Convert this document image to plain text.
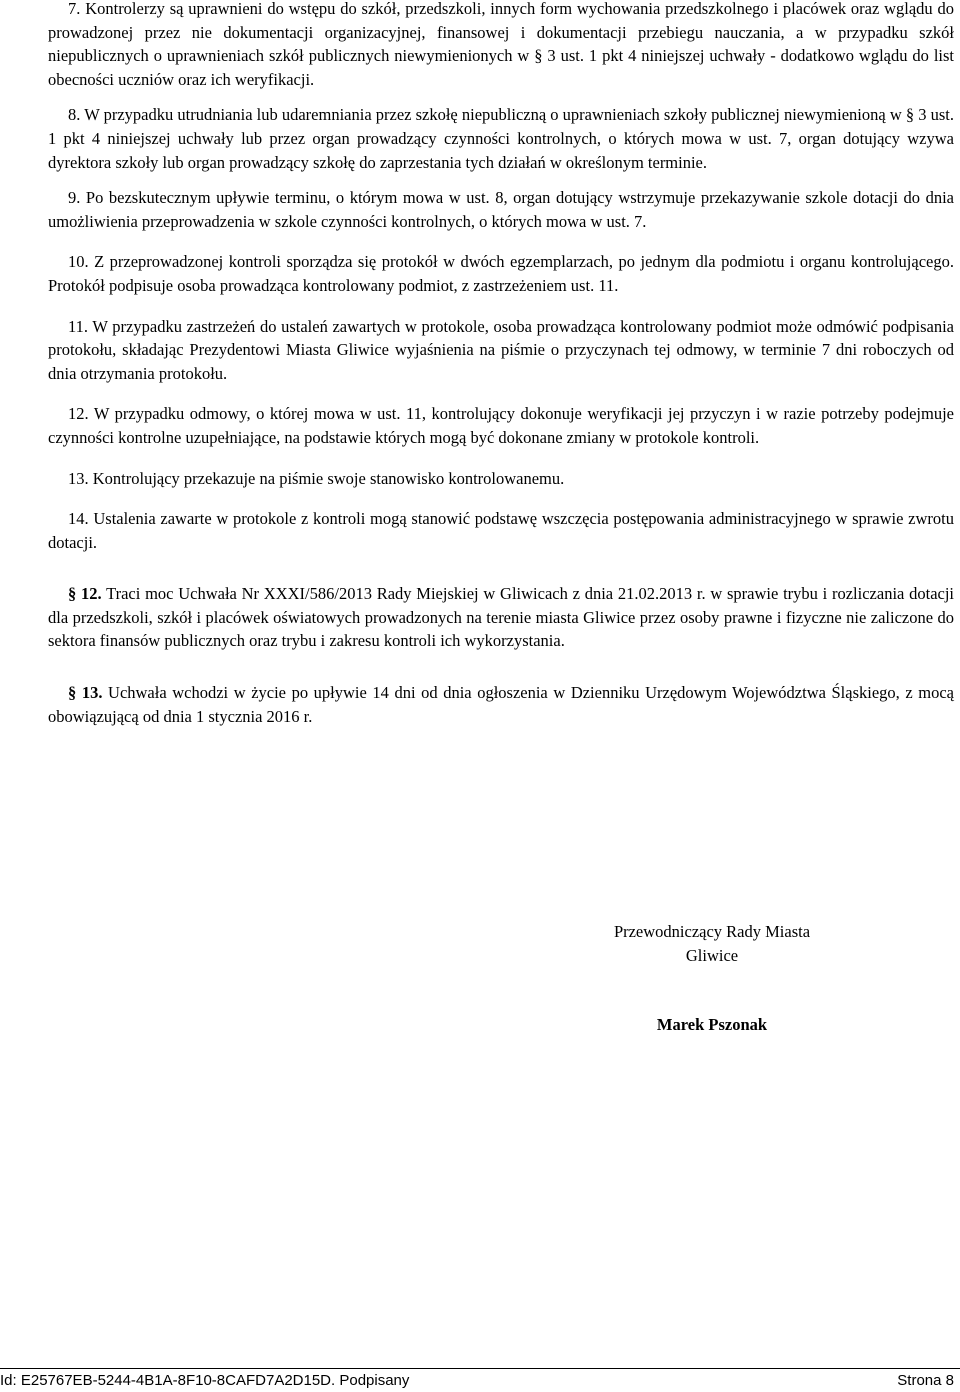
7. Kontrolerzy są uprawnieni do wstępu do szkół, przedszkoli, innych form wychowania przedszkolnego i placówek oraz wglądu do prowadzonej przez nie dokumentacji organizacyjnej, finansowej i dokumentacji przebiegu nauczania, a w przypadku szkół niepublicznych o uprawnieniach szkół publicznych niewymienionych w § 3 ust. 1 pkt 4 niniejszej uchwały - dodatkowo wglądu do list obecności uczniów oraz ich weryfikacji.

8. W przypadku utrudniania lub udaremniania przez szkołę niepubliczną o uprawnieniach szkoły publicznej niewymienioną w § 3 ust. 1 pkt 4 niniejszej uchwały lub przez organ prowadzący czynności kontrolnych, o których mowa w ust. 7, organ dotujący wzywa dyrektora szkoły lub organ prowadzący szkołę do zaprzestania tych działań w określonym terminie.

9. Po bezskutecznym upływie terminu, o którym mowa w ust. 8, organ dotujący wstrzymuje przekazywanie szkole dotacji do dnia umożliwienia przeprowadzenia w szkole czynności kontrolnych, o których mowa w ust. 7.

10. Z przeprowadzonej kontroli sporządza się protokół w dwóch egzemplarzach, po jednym dla podmiotu i organu kontrolującego. Protokół podpisuje osoba prowadząca kontrolowany podmiot, z zastrzeżeniem ust. 11.

11. W przypadku zastrzeżeń do ustaleń zawartych w protokole, osoba prowadząca kontrolowany podmiot może odmówić podpisania protokołu, składając Prezydentowi Miasta Gliwice wyjaśnienia na piśmie o przyczynach tej odmowy, w terminie 7 dni roboczych od dnia otrzymania protokołu.

12. W przypadku odmowy, o której mowa w ust. 11, kontrolujący dokonuje weryfikacji jej przyczyn i w razie potrzeby podejmuje czynności kontrolne uzupełniające, na podstawie których mogą być dokonane zmiany w protokole kontroli.

13. Kontrolujący przekazuje na piśmie swoje stanowisko kontrolowanemu.

14. Ustalenia zawarte w protokole z kontroli mogą stanowić podstawę wszczęcia postępowania administracyjnego w sprawie zwrotu dotacji.

§ 12. Traci moc Uchwała Nr XXXI/586/2013 Rady Miejskiej w Gliwicach z dnia 21.02.2013 r. w sprawie trybu i rozliczania dotacji dla przedszkoli, szkół i placówek oświatowych prowadzonych na terenie miasta Gliwice przez osoby prawne i fizyczne nie zaliczone do sektora finansów publicznych oraz trybu i zakresu kontroli ich wykorzystania.

§ 13. Uchwała wchodzi w życie po upływie 14 dni od dnia ogłoszenia w Dzienniku Urzędowym Województwa Śląskiego, z mocą obowiązującą od dnia 1 stycznia 2016 r.

Przewodniczący Rady Miasta
Gliwice
Marek Pszonak
Id: E25767EB-5244-4B1A-8F10-8CAFD7A2D15D. Podpisany	Strona 8
